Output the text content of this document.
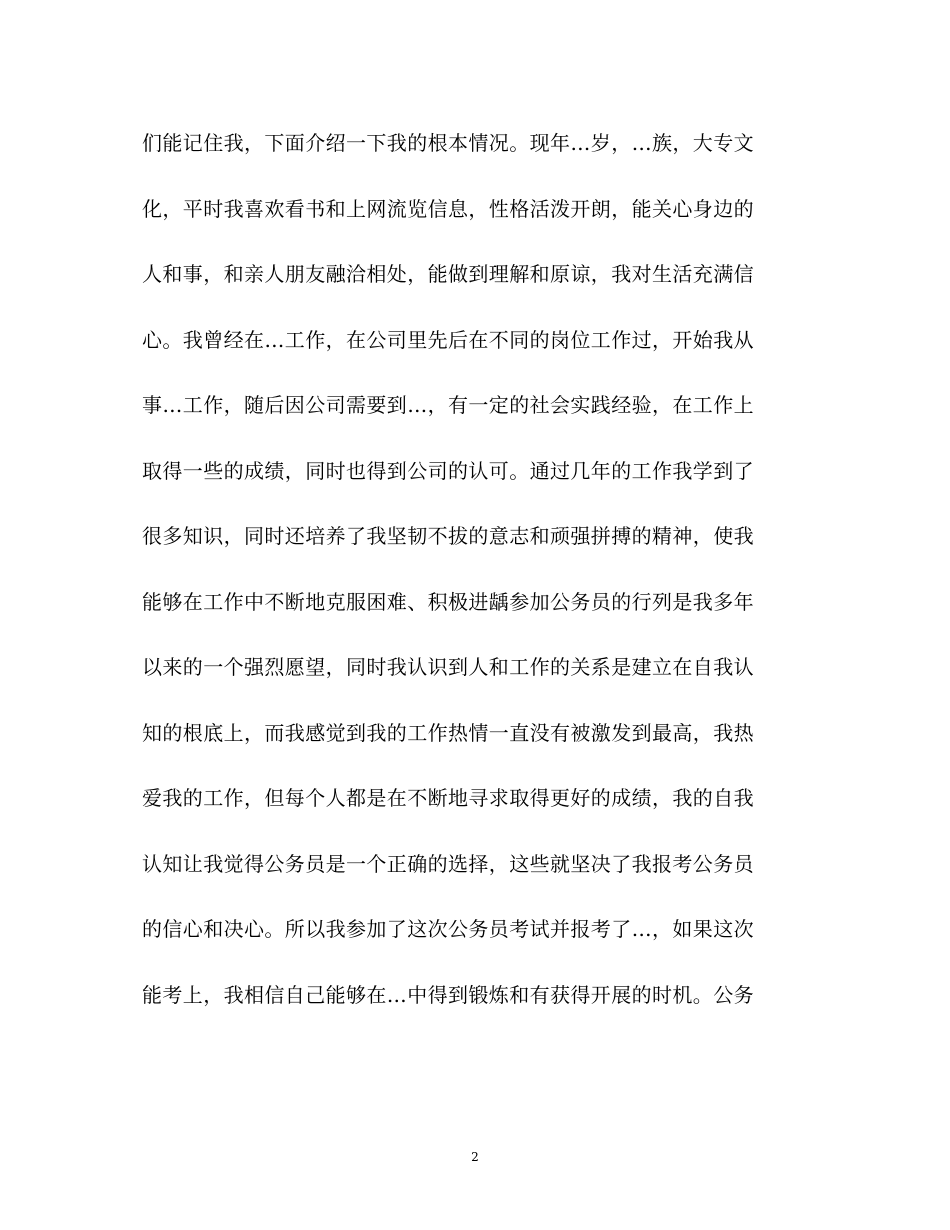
们能记住我，下面介绍一下我的根本情况。现年…岁，…族，大专文
化，平时我喜欢看书和上网流览信息，性格活泼开朗，能关心身边的
人和事，和亲人朋友融洽相处，能做到理解和原谅，我对生活充满信
心。我曾经在…工作，在公司里先后在不同的岗位工作过，开始我从
事…工作，随后因公司需要到…，有一定的社会实践经验，在工作上
取得一些的成绩，同时也得到公司的认可。通过几年的工作我学到了
很多知识，同时还培养了我坚韧不拔的意志和顽强拼搏的精神，使我
能够在工作中不断地克服困难、积极进龋参加公务员的行列是我多年
以来的一个强烈愿望，同时我认识到人和工作的关系是建立在自我认
知的根底上，而我感觉到我的工作热情一直没有被激发到最高，我热
爱我的工作，但每个人都是在不断地寻求取得更好的成绩，我的自我
认知让我觉得公务员是一个正确的选择，这些就坚决了我报考公务员
的信心和决心。所以我参加了这次公务员考试并报考了…，如果这次
能考上，我相信自己能够在…中得到锻炼和有获得开展的时机。公务
2
